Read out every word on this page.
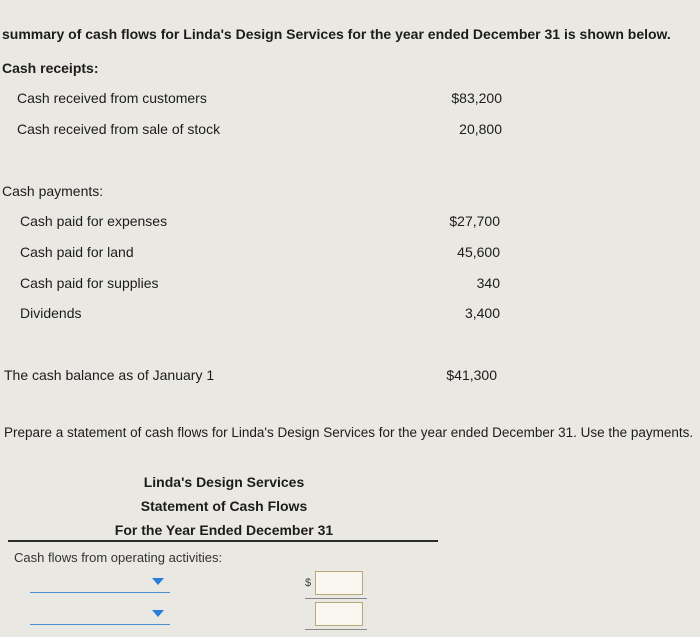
summary of cash flows for Linda's Design Services for the year ended December 31 is shown below.
Cash receipts:
Cash received from customers	$83,200
Cash received from sale of stock	20,800
Cash payments:
Cash paid for expenses	$27,700
Cash paid for land	45,600
Cash paid for supplies	340
Dividends	3,400
The cash balance as of January 1	$41,300
Prepare a statement of cash flows for Linda's Design Services for the year ended December 31. Use the payments.
Linda's Design Services
Statement of Cash Flows
For the Year Ended December 31
Cash flows from operating activities:
$
